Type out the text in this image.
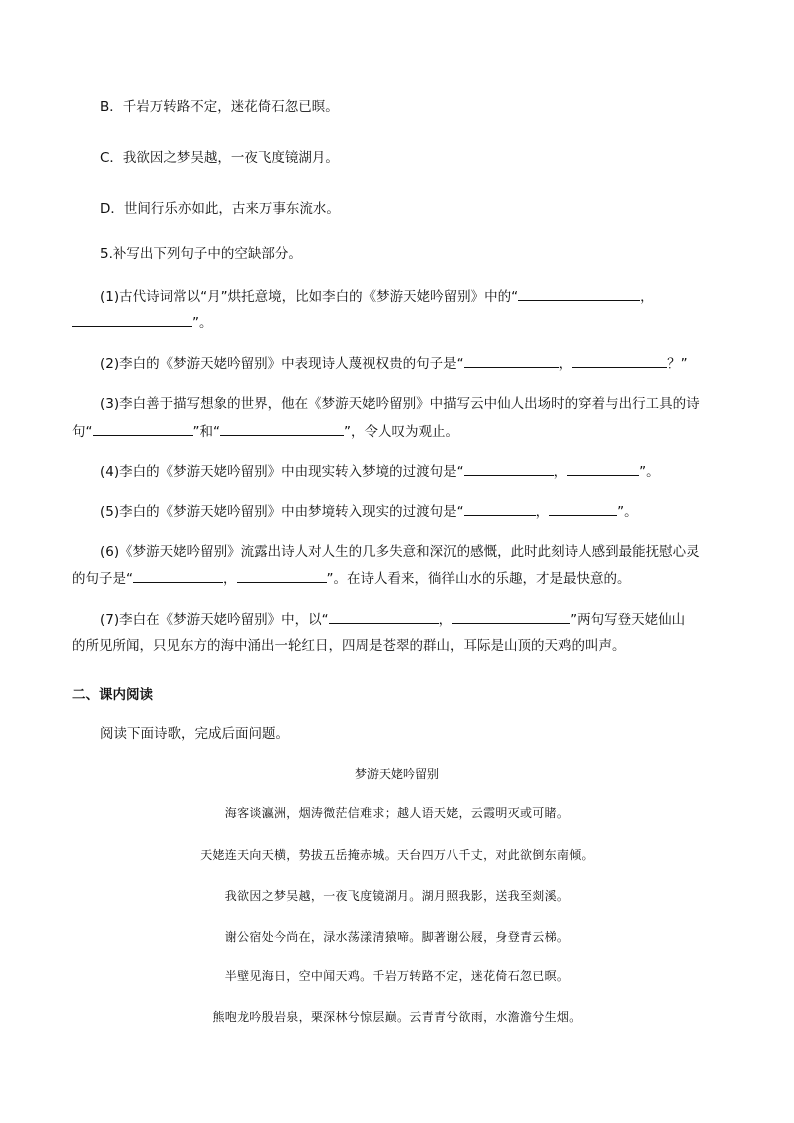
B．千岩万转路不定，迷花倚石忽已暝。
C．我欲因之梦吴越，一夜飞度镜湖月。
D．世间行乐亦如此，古来万事东流水。
5.补写出下列句子中的空缺部分。
(1)古代诗词常以“月”烘托意境，比如李白的《梦游天姥吟留别》中的“	，
”。
(2)李白的《梦游天姥吟留别》中表现诗人蔑视权贵的句子是“	，	？”
(3)李白善于描写想象的世界，他在《梦游天姥吟留别》中描写云中仙人出场时的穿着与出行工具的诗
句“	”和“	”，令人叹为观止。
(4)李白的《梦游天姥吟留别》中由现实转入梦境的过渡句是“	，	”。
(5)李白的《梦游天姥吟留别》中由梦境转入现实的过渡句是“	，	”。
(6)《梦游天姥吟留别》流露出诗人对人生的几多失意和深沉的感慨，此时此刻诗人感到最能抚慰心灵
的句子是“	，	”。在诗人看来，徜徉山水的乐趣，才是最快意的。
(7)李白在《梦游天姥吟留别》中，以“	，	”两句写登天姥仙山
的所见所闻，只见东方的海中涌出一轮红日，四周是苍翠的群山，耳际是山顶的天鸡的叫声。
二、课内阅读
阅读下面诗歌，完成后面问题。
梦游天姥吟留别
海客谈瀛洲，烟涛微茫信难求；越人语天姥，云霞明灭或可睹。
天姥连天向天横，势拔五岳掩赤城。天台四万八千丈，对此欲倒东南倾。
我欲因之梦吴越，一夜飞度镜湖月。湖月照我影，送我至剡溪。
谢公宿处今尚在，渌水荡漾清猿啼。脚著谢公屐，身登青云梯。
半壁见海日，空中闻天鸡。千岩万转路不定，迷花倚石忽已暝。
熊咆龙吟殷岩泉，栗深林兮惊层巅。云青青兮欲雨，水澹澹兮生烟。
